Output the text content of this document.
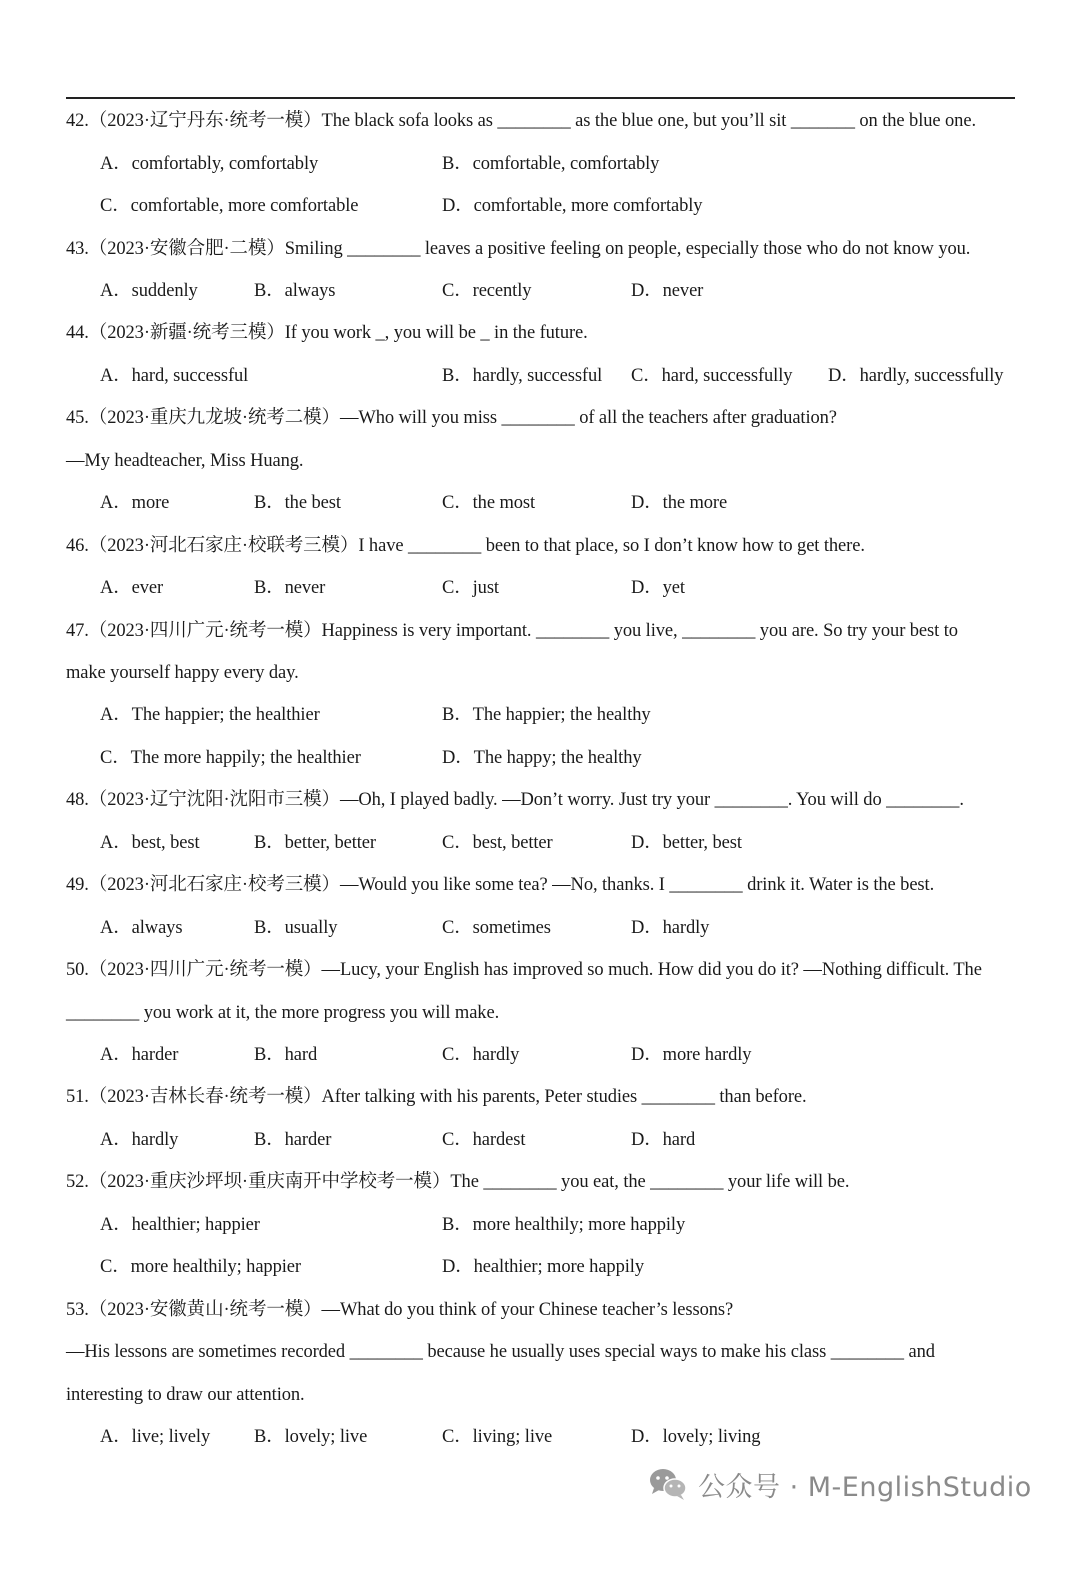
42.（2023·辽宁丹东·统考一模）The black sofa looks as ________ as the blue one, but you’ll sit _______ on the blue one.

A．comfortably, comfortably

	B．comfortable, comfortably

C．comfortable, more comfortable

	D．comfortable, more comfortably

43.（2023·安徽合肥·二模）Smiling ________ leaves a positive feeling on people, especially those who do not know you.

A．suddenly

	B．always

	C．recently

	D．never

44.（2023·新疆·统考三模）If you work _, you will be _ in the future.

A．hard, successful

	B．hardly, successful

C．hard, successfully

D．hardly, successfully

45.（2023·重庆九龙坡·统考二模）—Who will you miss ________ of all the teachers after graduation?
—My headteacher, Miss Huang.

A．more

	B．the best

	C．the most

	D．the more

46.（2023·河北石家庄·校联考三模）I have ________ been to that place, so I don’t know how to get there.

A．ever

	B．never

	C．just

	D．yet

47.（2023·四川广元·统考一模）Happiness is very important. ________ you live, ________ you are. So try your best to
make yourself happy every day.

A．The happier; the healthier

	B．The happier; the healthy

C．The more happily; the healthier

	D．The happy; the healthy

48.（2023·辽宁沈阳·沈阳市三模）—Oh, I played badly. —Don’t worry. Just try your ________. You will do ________.

A．best, best

	B．better, better

	C．best, better

	D．better, best

49.（2023·河北石家庄·校考三模）—Would you like some tea? —No, thanks. I ________ drink it. Water is the best.

A．always

	B．usually

	C．sometimes

	D．hardly

50.（2023·四川广元·统考一模）—Lucy, your English has improved so much. How did you do it? —Nothing difficult. The
________ you work at it, the more progress you will make.

A．harder

	B．hard

	C．hardly

	D．more hardly

51.（2023·吉林长春·统考一模）After talking with his parents, Peter studies ________ than before.

A．hardly

	B．harder

	C．hardest

	D．hard

52.（2023·重庆沙坪坝·重庆南开中学校考一模）The ________ you eat, the ________ your life will be.

A．healthier; happier

	B．more healthily; more happily

C．more healthily; happier

	D．healthier; more happily

53.（2023·安徽黄山·统考一模）—What do you think of your Chinese teacher’s lessons?
—His lessons are sometimes recorded ________ because he usually uses special ways to make his class ________ and
interesting to draw our attention.

A．live; lively

B．lovely; live

	C．living; live

	D．lovely; living

公众号 · M-EnglishStudio
